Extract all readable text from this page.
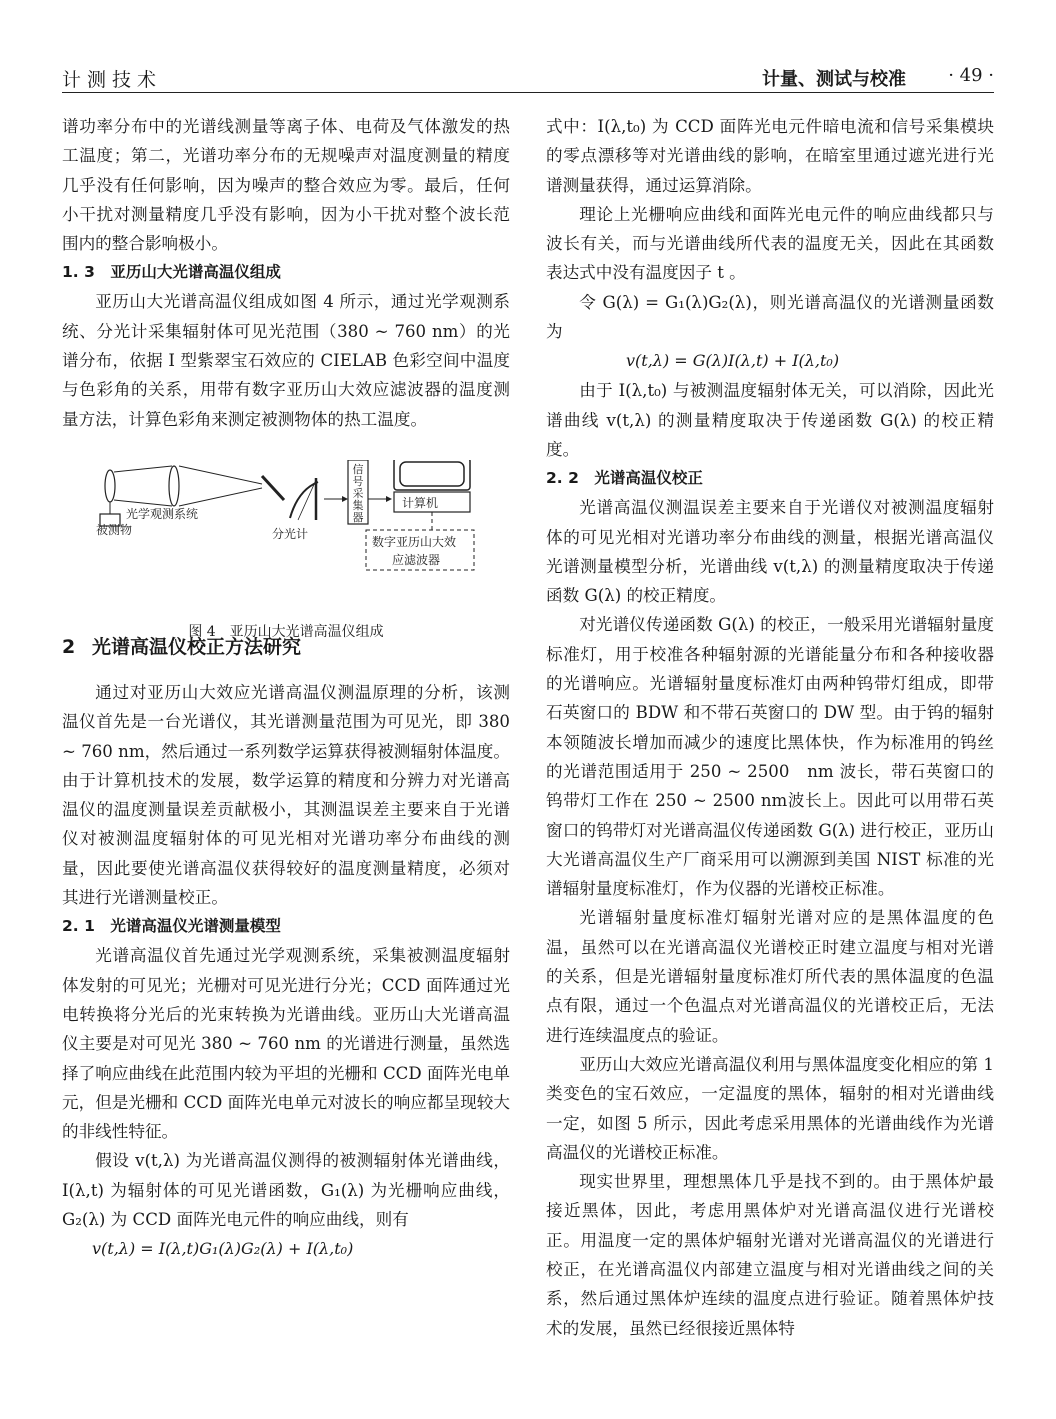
计测技术	计量、测试与校准 · 49 ·

谱功率分布中的光谱线测量等离子体、电荷及气体激发的热工温度；第二，光谱功率分布的无规噪声对温度测量的精度几乎没有任何影响，因为噪声的整合效应为零。最后，任何小干扰对测量精度几乎没有影响，因为小干扰对整个波长范围内的整合影响极小。

1. 3　亚历山大光谱高温仪组成

亚历山大光谱高温仪组成如图 4 所示，通过光学观测系统、分光计采集辐射体可见光范围（380 ~ 760 nm）的光谱分布，依据 I 型紫翠宝石效应的 CIELAB 色彩空间中温度与色彩角的关系，用带有数字亚历山大效应滤波器的温度测量方法，计算色彩角来测定被测物体的热工温度。

光学观测系统
被测物	分光计
计算机
数字亚历山大效
应滤波器
信号采集器
图 4　亚历山大光谱高温仪组成
2 光谱高温仪校正方法研究

通过对亚历山大效应光谱高温仪测温原理的分析，该测温仪首先是一台光谱仪，其光谱测量范围为可见光，即 380 ~ 760 nm，然后通过一系列数学运算获得被测辐射体温度。由于计算机技术的发展，数学运算的精度和分辨力对光谱高温仪的温度测量误差贡献极小，其测温误差主要来自于光谱仪对被测温度辐射体的可见光相对光谱功率分布曲线的测量，因此要使光谱高温仪获得较好的温度测量精度，必须对其进行光谱测量校正。

2. 1　光谱高温仪光谱测量模型

光谱高温仪首先通过光学观测系统，采集被测温度辐射体发射的可见光；光栅对可见光进行分光；CCD 面阵通过光电转换将分光后的光束转换为光谱曲线。亚历山大光谱高温仪主要是对可见光 380 ~ 760 nm 的光谱进行测量，虽然选择了响应曲线在此范围内较为平坦的光栅和 CCD 面阵光电单元，但是光栅和 CCD 面阵光电单元对波长的响应都呈现较大的非线性特征。

假设 v(t,λ) 为光谱高温仪测得的被测辐射体光谱曲线，I(λ,t) 为辐射体的可见光谱函数，G₁(λ) 为光栅响应曲线，G₂(λ) 为 CCD 面阵光电元件的响应曲线，则有

v(t,λ) = I(λ,t)G₁(λ)G₂(λ) + I(λ,t₀)

式中：I(λ,t₀) 为 CCD 面阵光电元件暗电流和信号采集模块的零点漂移等对光谱曲线的影响，在暗室里通过遮光进行光谱测量获得，通过运算消除。

理论上光栅响应曲线和面阵光电元件的响应曲线都只与波长有关，而与光谱曲线所代表的温度无关，因此在其函数表达式中没有温度因子 t 。

令 G(λ) = G₁(λ)G₂(λ)，则光谱高温仪的光谱测量函数为

v(t,λ) = G(λ)I(λ,t) + I(λ,t₀)

由于 I(λ,t₀) 与被测温度辐射体无关，可以消除，因此光谱曲线 v(t,λ) 的测量精度取决于传递函数 G(λ) 的校正精度。

2. 2　光谱高温仪校正

光谱高温仪测温误差主要来自于光谱仪对被测温度辐射体的可见光相对光谱功率分布曲线的测量，根据光谱高温仪光谱测量模型分析，光谱曲线 v(t,λ) 的测量精度取决于传递函数 G(λ) 的校正精度。

对光谱仪传递函数 G(λ) 的校正，一般采用光谱辐射量度标准灯，用于校准各种辐射源的光谱能量分布和各种接收器的光谱响应。光谱辐射量度标准灯由两种钨带灯组成，即带石英窗口的 BDW 和不带石英窗口的 DW 型。由于钨的辐射本领随波长增加而减少的速度比黑体快，作为标准用的钨丝的光谱范围适用于 250 ~ 2500　nm 波长，带石英窗口的钨带灯工作在 250 ~ 2500 nm波长上。因此可以用带石英窗口的钨带灯对光谱高温仪传递函数 G(λ) 进行校正，亚历山大光谱高温仪生产厂商采用可以溯源到美国 NIST 标准的光谱辐射量度标准灯，作为仪器的光谱校正标准。

光谱辐射量度标准灯辐射光谱对应的是黑体温度的色温，虽然可以在光谱高温仪光谱校正时建立温度与相对光谱的关系，但是光谱辐射量度标准灯所代表的黑体温度的色温点有限，通过一个色温点对光谱高温仪的光谱校正后，无法进行连续温度点的验证。

亚历山大效应光谱高温仪利用与黑体温度变化相应的第 1 类变色的宝石效应，一定温度的黑体，辐射的相对光谱曲线一定，如图 5 所示，因此考虑采用黑体的光谱曲线作为光谱高温仪的光谱校正标准。

现实世界里，理想黑体几乎是找不到的。由于黑体炉最接近黑体，因此，考虑用黑体炉对光谱高温仪进行光谱校正。用温度一定的黑体炉辐射光谱对光谱高温仪的光谱进行校正，在光谱高温仪内部建立温度与相对光谱曲线之间的关系，然后通过黑体炉连续的温度点进行验证。随着黑体炉技术的发展，虽然已经很接近黑体特
